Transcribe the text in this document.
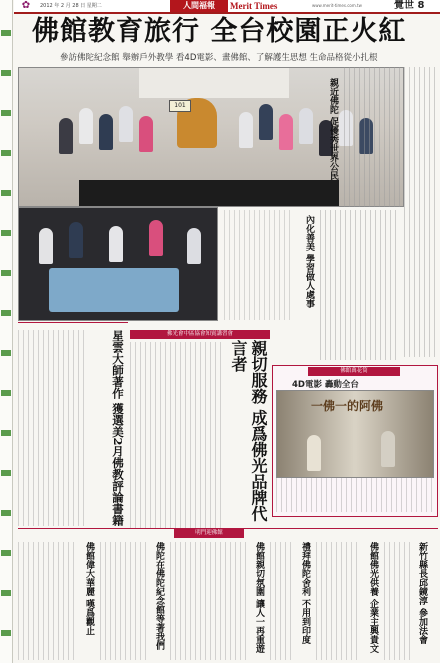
✿	2012 年 2 月 28 日 星期二	人間福報	Merit Times	www.merit-times.com.tw	覺世 8
佛館教育旅行 全台校園正火紅
參訪佛陀紀念館 舉辦戶外教學 看4D電影、畫佛館、了解護生思想 生命品格從小扎根
101	親近佛陀 促優秀世界公民
內化善美 學習做人處事
佛光會中區協會知賓講習會
親切服務 成爲佛光品牌代言者
星雲大師著作 獲選美2月佛教評論書籍	佛館萬花筒
4D電影 轟動全台
一佛一的阿佛
明門迎佛館
新竹縣長邱鏡淳 參加法會
佛館佛光供養 企業主興貴文
禮拜佛陀舍利 不用到印度
佛館親切氛圍 讓人一再重遊
佛陀在佛陀紀念館等著我們
佛館偉大華麗 嘆爲觀止
